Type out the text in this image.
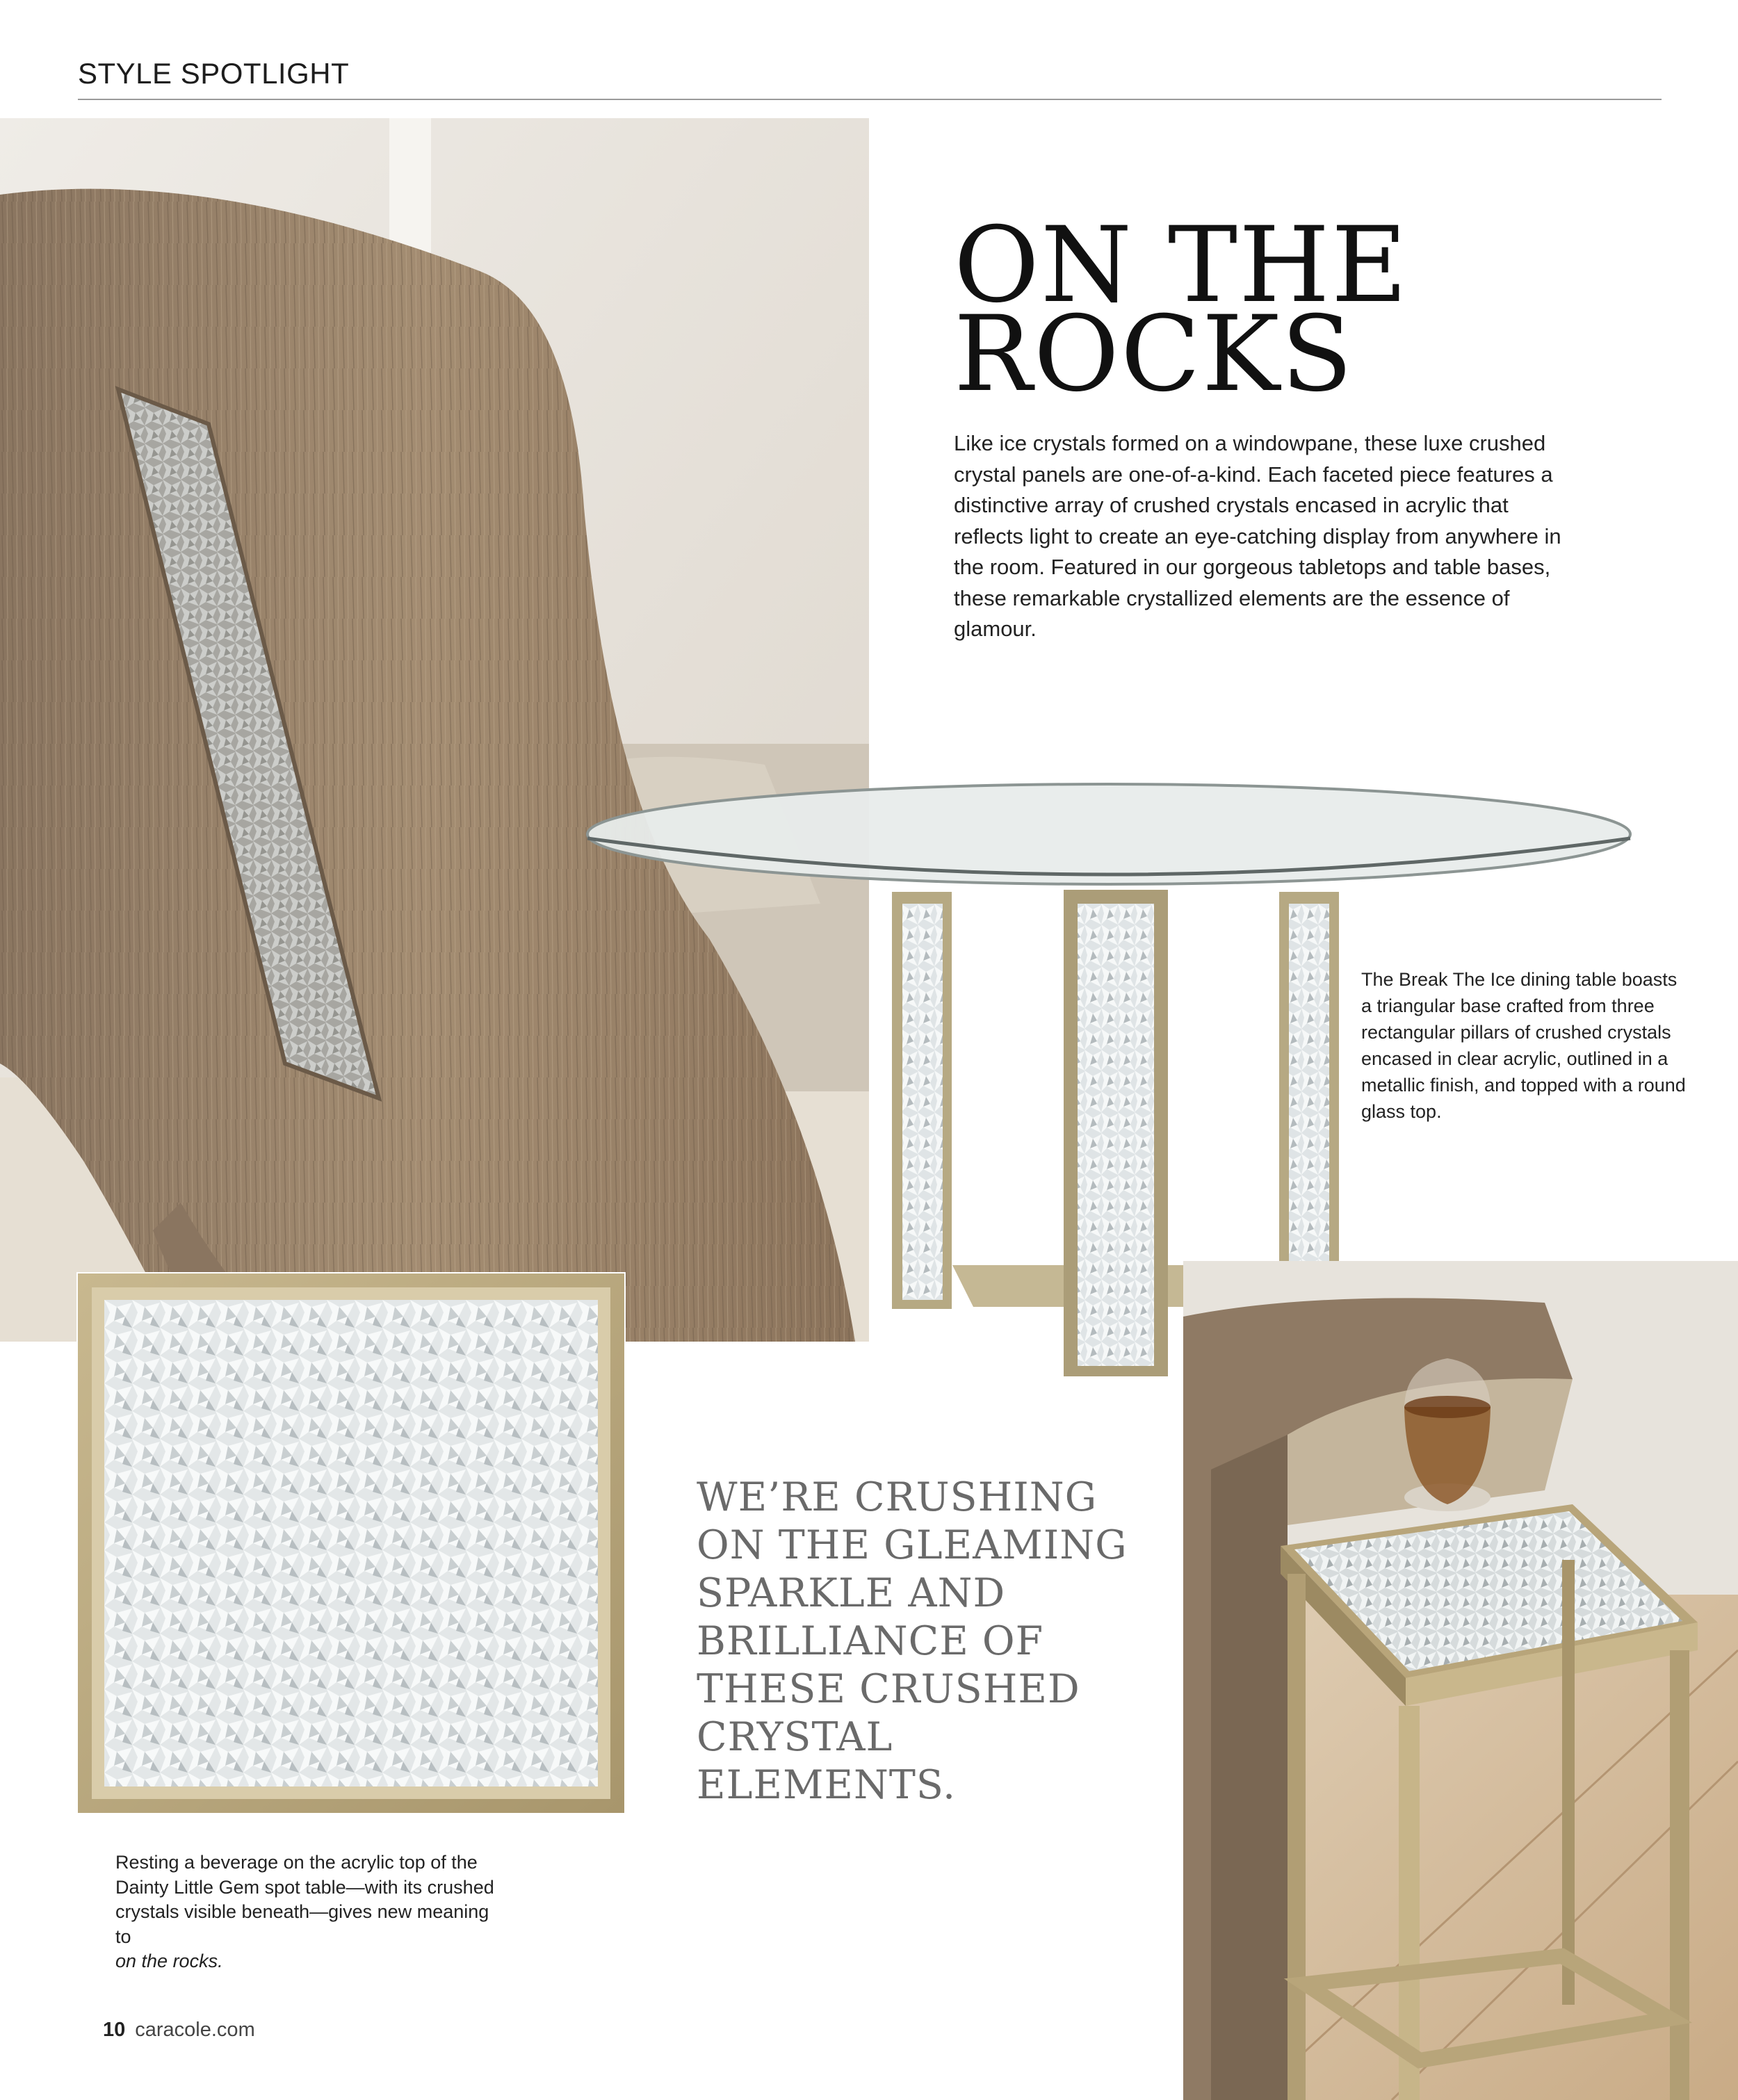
STYLE SPOTLIGHT
ON THE
ROCKS

Like ice crystals formed on a windowpane, these luxe crushed crystal panels are one-of-a-kind. Each faceted piece features a distinctive array of crushed crystals encased in acrylic that reflects light to create an eye-catching display from anywhere in the room. Featured in our gorgeous tabletops and table bases, these remarkable crystallized elements are the essence of glamour.

The Break The Ice dining table boasts a triangular base crafted from three rectangular pillars of crushed crystals encased in clear acrylic, outlined in a metallic finish, and topped with a round glass top.

WE’RE CRUSHING ON THE GLEAMING SPARKLE AND BRILLIANCE OF THESE CRUSHED CRYSTAL ELEMENTS.

Resting a beverage on the acrylic top of the Dainty Little Gem spot table—with its crushed crystals visible beneath—gives new meaning to
on the rocks.

10 caracole.com
